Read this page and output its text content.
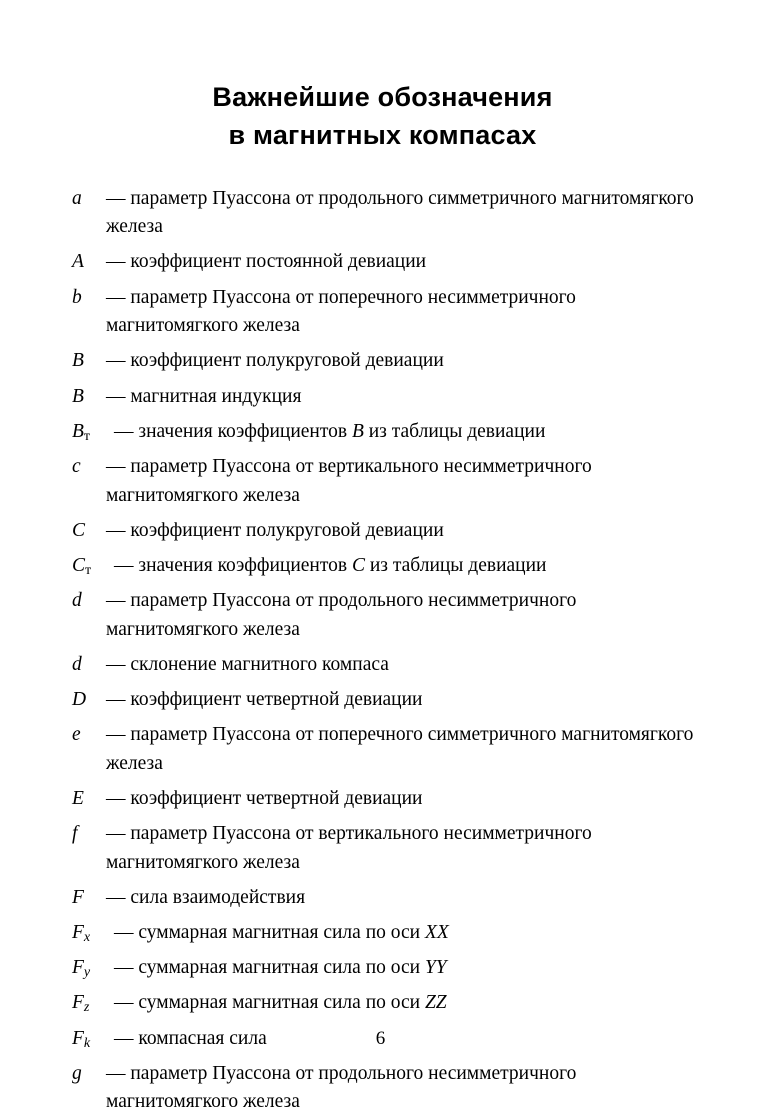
Важнейшие обозначения
в магнитных компасах
a	— параметр Пуассона от продольного симметричного магнитомягкого железа
A	— коэффициент постоянной девиации
b	— параметр Пуассона от поперечного несимметричного магнитомягкого железа
B	— коэффициент полукруговой девиации
B	— магнитная индукция
$B_т$	— значения коэффициентов B из таблицы девиации
c	— параметр Пуассона от вертикального несимметричного магнитомягкого железа
C	— коэффициент полукруговой девиации
$C_т$	— значения коэффициентов C из таблицы девиации
d	— параметр Пуассона от продольного несимметричного магнитомягкого железа
d	— склонение магнитного компаса
D	— коэффициент четвертной девиации
e	— параметр Пуассона от поперечного симметричного магнитомягкого железа
E	— коэффициент четвертной девиации
f	— параметр Пуассона от вертикального несимметричного магнитомягкого железа
F	— сила взаимодействия
$F_x$	— суммарная магнитная сила по оси XX
$F_y$	— суммарная магнитная сила по оси YY
$F_z$	— суммарная магнитная сила по оси ZZ
$F_k$	— компасная сила
g	— параметр Пуассона от продольного несимметричного магнитомягкого железа
6
